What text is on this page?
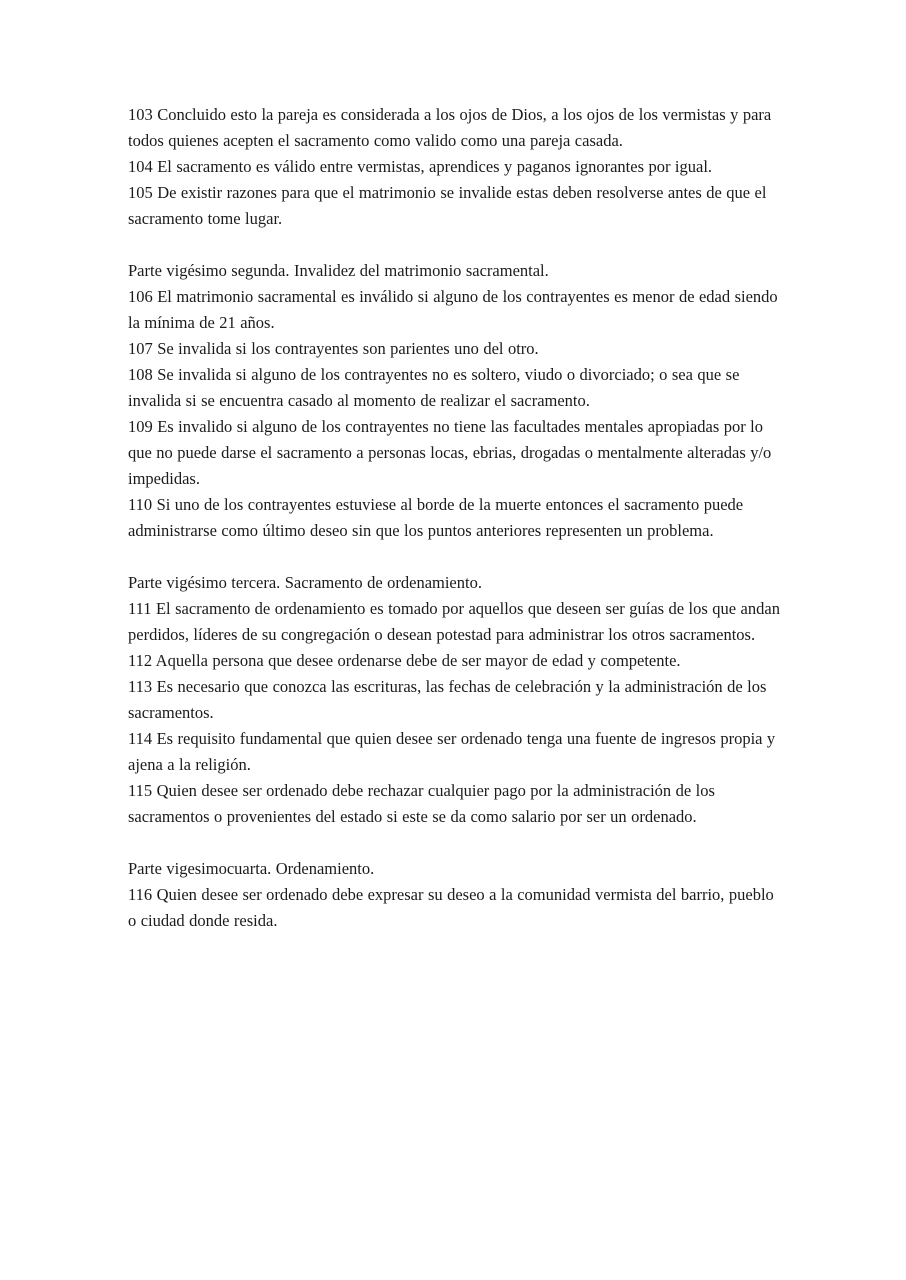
103 Concluido esto la pareja es considerada a los ojos de Dios, a los ojos de los vermistas y para todos quienes acepten el sacramento como valido como una pareja casada.

104 El sacramento es válido entre vermistas, aprendices y paganos ignorantes por igual.

105 De existir razones para que el matrimonio se invalide estas deben resolverse antes de que el sacramento tome lugar.

Parte vigésimo segunda. Invalidez del matrimonio sacramental.

106 El matrimonio sacramental es inválido si alguno de los contrayentes es menor de edad siendo la mínima de 21 años.

107 Se invalida si los contrayentes son parientes uno del otro.

108 Se invalida si alguno de los contrayentes no es soltero, viudo o divorciado; o sea que se invalida si se encuentra casado al momento de realizar el sacramento.

109 Es invalido si alguno de los contrayentes no tiene las facultades mentales apropiadas por lo que no puede darse el sacramento a personas locas, ebrias, drogadas o mentalmente alteradas y/o impedidas.

110 Si uno de los contrayentes estuviese al borde de la muerte entonces el sacramento puede administrarse como último deseo sin que los puntos anteriores representen un problema.

Parte vigésimo tercera. Sacramento de ordenamiento.

111 El sacramento de ordenamiento es tomado por aquellos que deseen ser guías de los que andan perdidos, líderes de su congregación o desean potestad para administrar los otros sacramentos.

112 Aquella persona que desee ordenarse debe de ser mayor de edad y competente.

113 Es necesario que conozca las escrituras, las fechas de celebración y la administración de los sacramentos.

114 Es requisito fundamental que quien desee ser ordenado tenga una fuente de ingresos propia y ajena a la religión.

115 Quien desee ser ordenado debe rechazar cualquier pago por la administración de los sacramentos o provenientes del estado si este se da como salario por ser un ordenado.

Parte vigesimocuarta. Ordenamiento.

116 Quien desee ser ordenado debe expresar su deseo a la comunidad vermista del barrio, pueblo o ciudad donde resida.
